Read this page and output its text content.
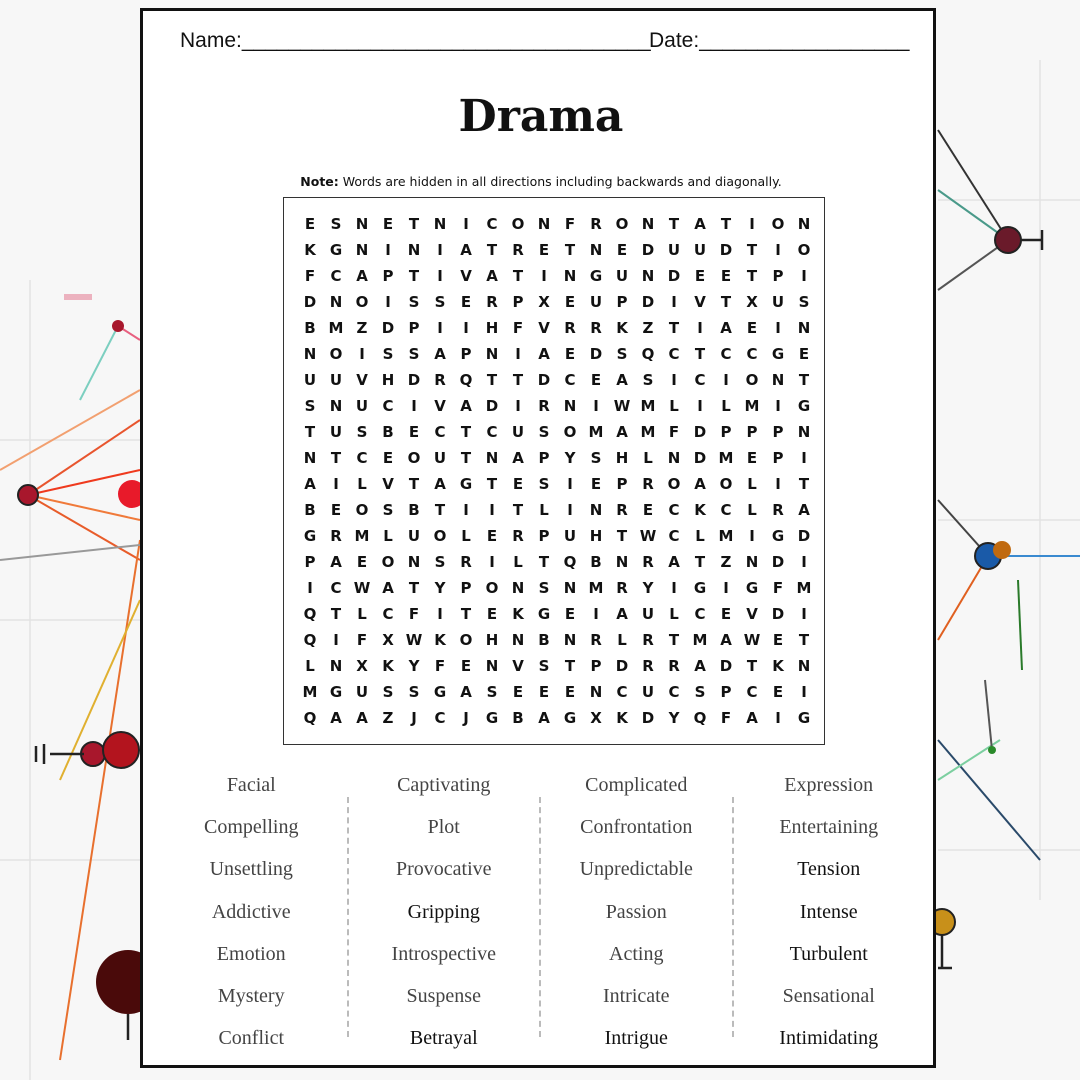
Name:___________________________________
Date:__________________
Drama
Note: Words are hidden in all directions including backwards and diagonally.
E	S N E	T N	I	C O N F	R O N T	A	T	I	O N
K G N	I	N	I	A	T	R	E	T N E D U U D T	I	O
F	C A P	T	I	V A	T	I	N G U N D E	E	T	P	I
D N O	I	S	S	E	R P X	E U P D	I	V	T	X U S
B M Z D P	I	I	H F	V R R K Z	T	I	A	E	I	N
N O	I	S	S A P N	I	A	E D S Q C	T	C C G E
U U V H D R Q T	T D C	E	A S	I	C	I	O N T
S N U C	I	V A D	I	R N	I W M L	I	L M	I	G
T U S B	E	C	T	C U S O M A M F D P	P	P N
N T	C	E O U T N A P	Y	S H L N D M E	P	I
A	I	L	V	T	A G T	E	S	I	E	P R O A O L	I	T
B	E O S B	T	I	I	T	L	I	N R	E	C K C	L	R A
G R M L	U O L	E	R P U H T W C	L M	I	G D
P A	E O N S R	I	L	T Q B N R A	T	Z N D	I
I	C W A	T	Y	P O N S N M R Y	I	G	I	G F M
Q T	L	C	F	I	T	E	K G E	I	A U	L	C	E	V D	I
Q	I	F	X W K O H N B N R	L	R	T M A W E	T
L N X K Y	F	E N V S	T	P D R R A D T	K N
M G U S	S G A S	E	E	E N C U C	S	P C	E	I
Q A A Z	J	C	J	G B A G X K D Y Q F	A	I	G
Facial
Compelling
Unsettling
Addictive
Emotion
Mystery
Conflict
Captivating
Plot
Provocative
Gripping
Introspective
Suspense
Betrayal
Complicated
Confrontation
Unpredictable
Passion
Acting
Intricate
Intrigue
Expression
Entertaining
Tension
Intense
Turbulent
Sensational
Intimidating
